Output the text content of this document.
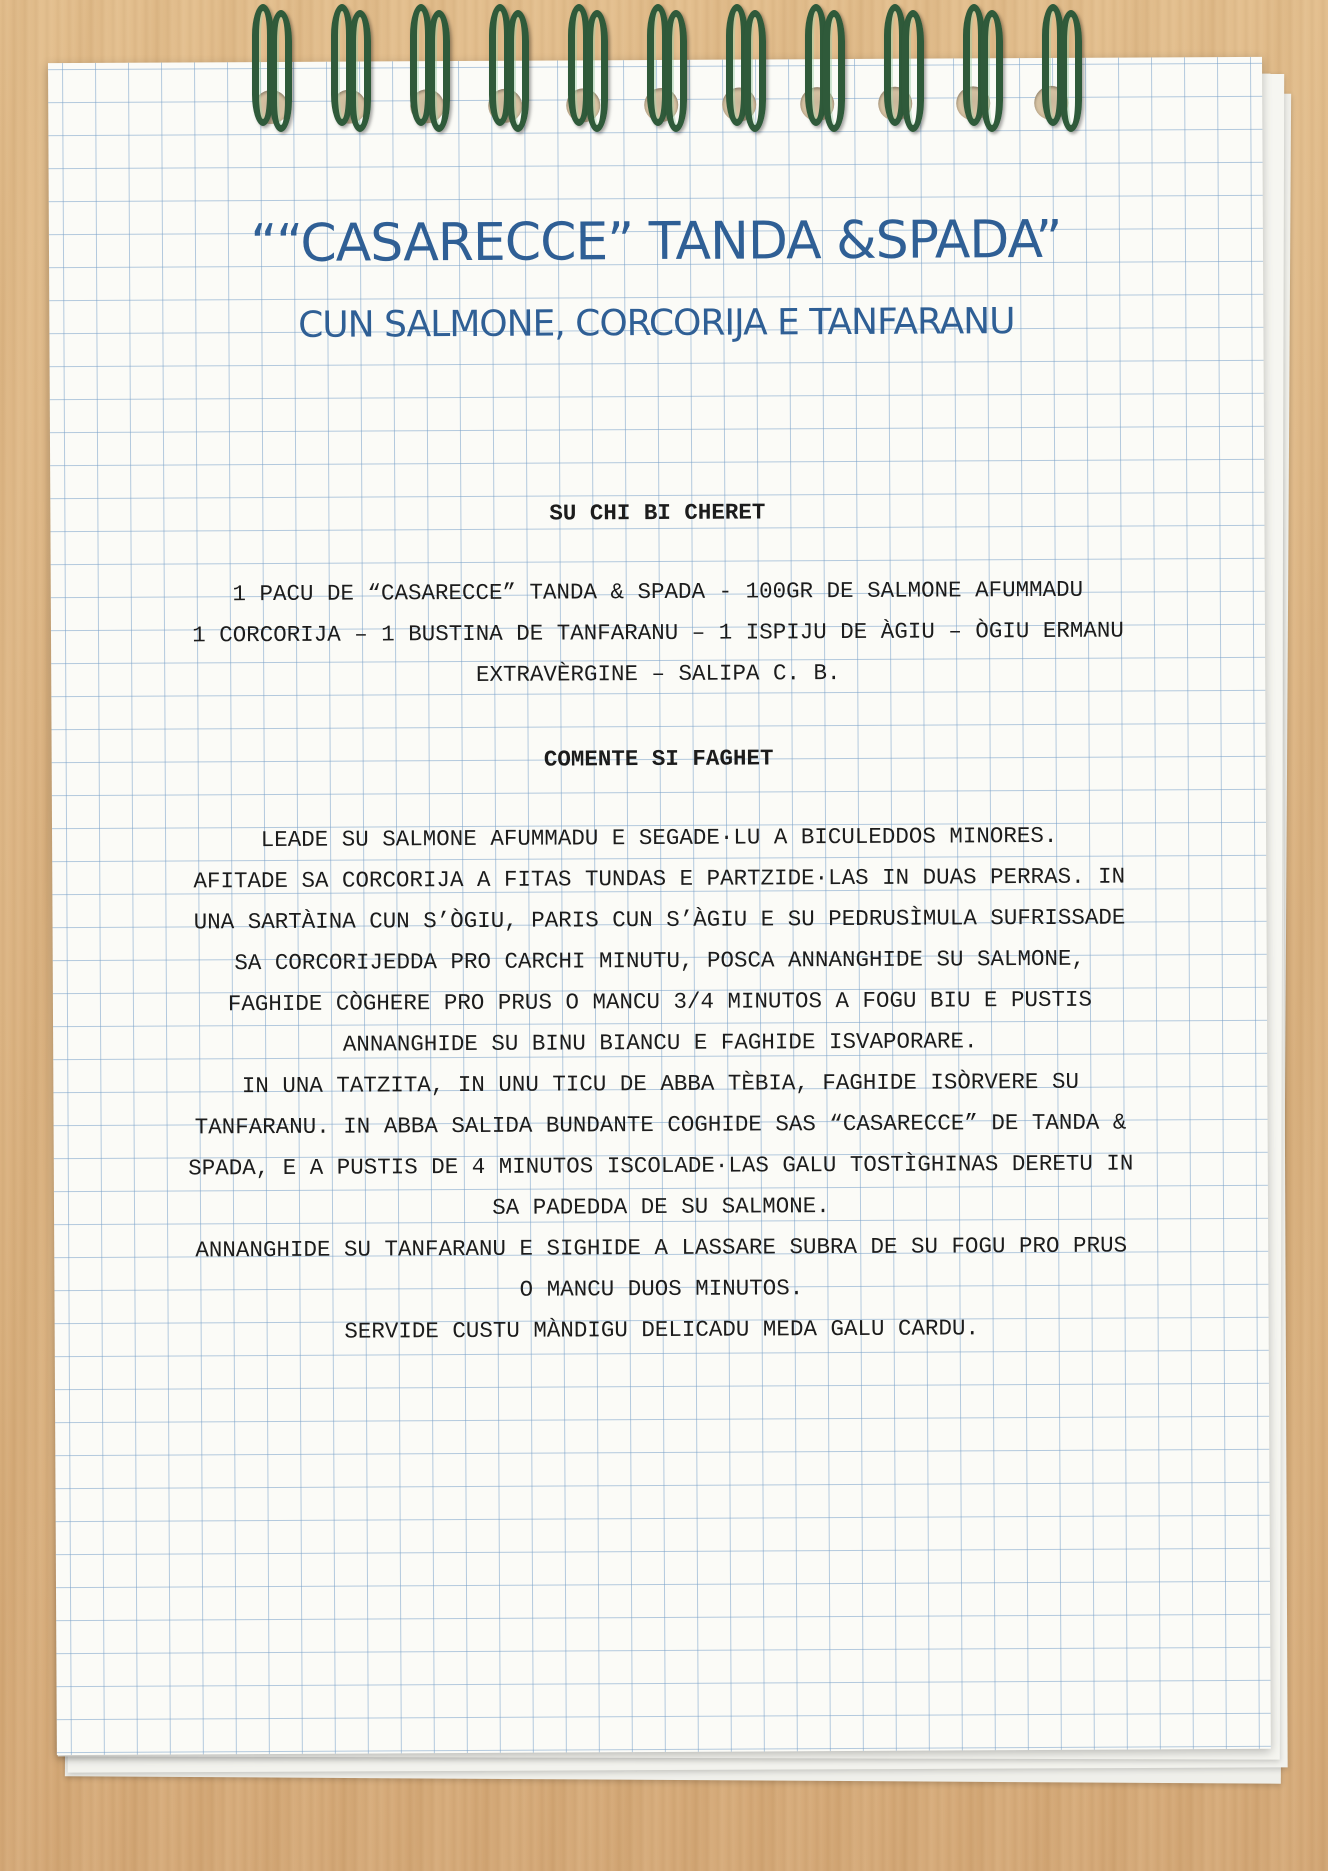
““CASARECCE” TANDA &SPADA”
CUN SALMONE, CORCORIJA E TANFARANU
SU CHI BI CHERET
1 PACU DE “CASARECCE” TANDA & SPADA - 100GR DE SALMONE AFUMMADU
1 CORCORIJA – 1 BUSTINA DE TANFARANU – 1 ISPIJU DE ÀGIU – ÒGIU ERMANU
EXTRAVÈRGINE – SALIPA C. B.
COMENTE SI FAGHET
LEADE SU SALMONE AFUMMADU E SEGADE·LU A BICULEDDOS MINORES.
AFITADE SA CORCORIJA A FITAS TUNDAS E PARTZIDE·LAS IN DUAS PERRAS. IN
UNA SARTÀINA CUN S’ÒGIU, PARIS CUN S’ÀGIU E SU PEDRUSÌMULA SUFRISSADE
SA CORCORIJEDDA PRO CARCHI MINUTU, POSCA ANNANGHIDE SU SALMONE,
FAGHIDE CÒGHERE PRO PRUS O MANCU 3/4 MINUTOS A FOGU BIU E PUSTIS
ANNANGHIDE SU BINU BIANCU E FAGHIDE ISVAPORARE.
IN UNA TATZITA, IN UNU TICU DE ABBA TÈBIA, FAGHIDE ISÒRVERE SU
TANFARANU. IN ABBA SALIDA BUNDANTE COGHIDE SAS “CASARECCE” DE TANDA &
SPADA, E A PUSTIS DE 4 MINUTOS ISCOLADE·LAS GALU TOSTÌGHINAS DERETU IN
SA PADEDDA DE SU SALMONE.
ANNANGHIDE SU TANFARANU E SIGHIDE A LASSARE SUBRA DE SU FOGU PRO PRUS
O MANCU DUOS MINUTOS.
SERVIDE CUSTU MÀNDIGU DELICADU MEDA GALU CARDU.
